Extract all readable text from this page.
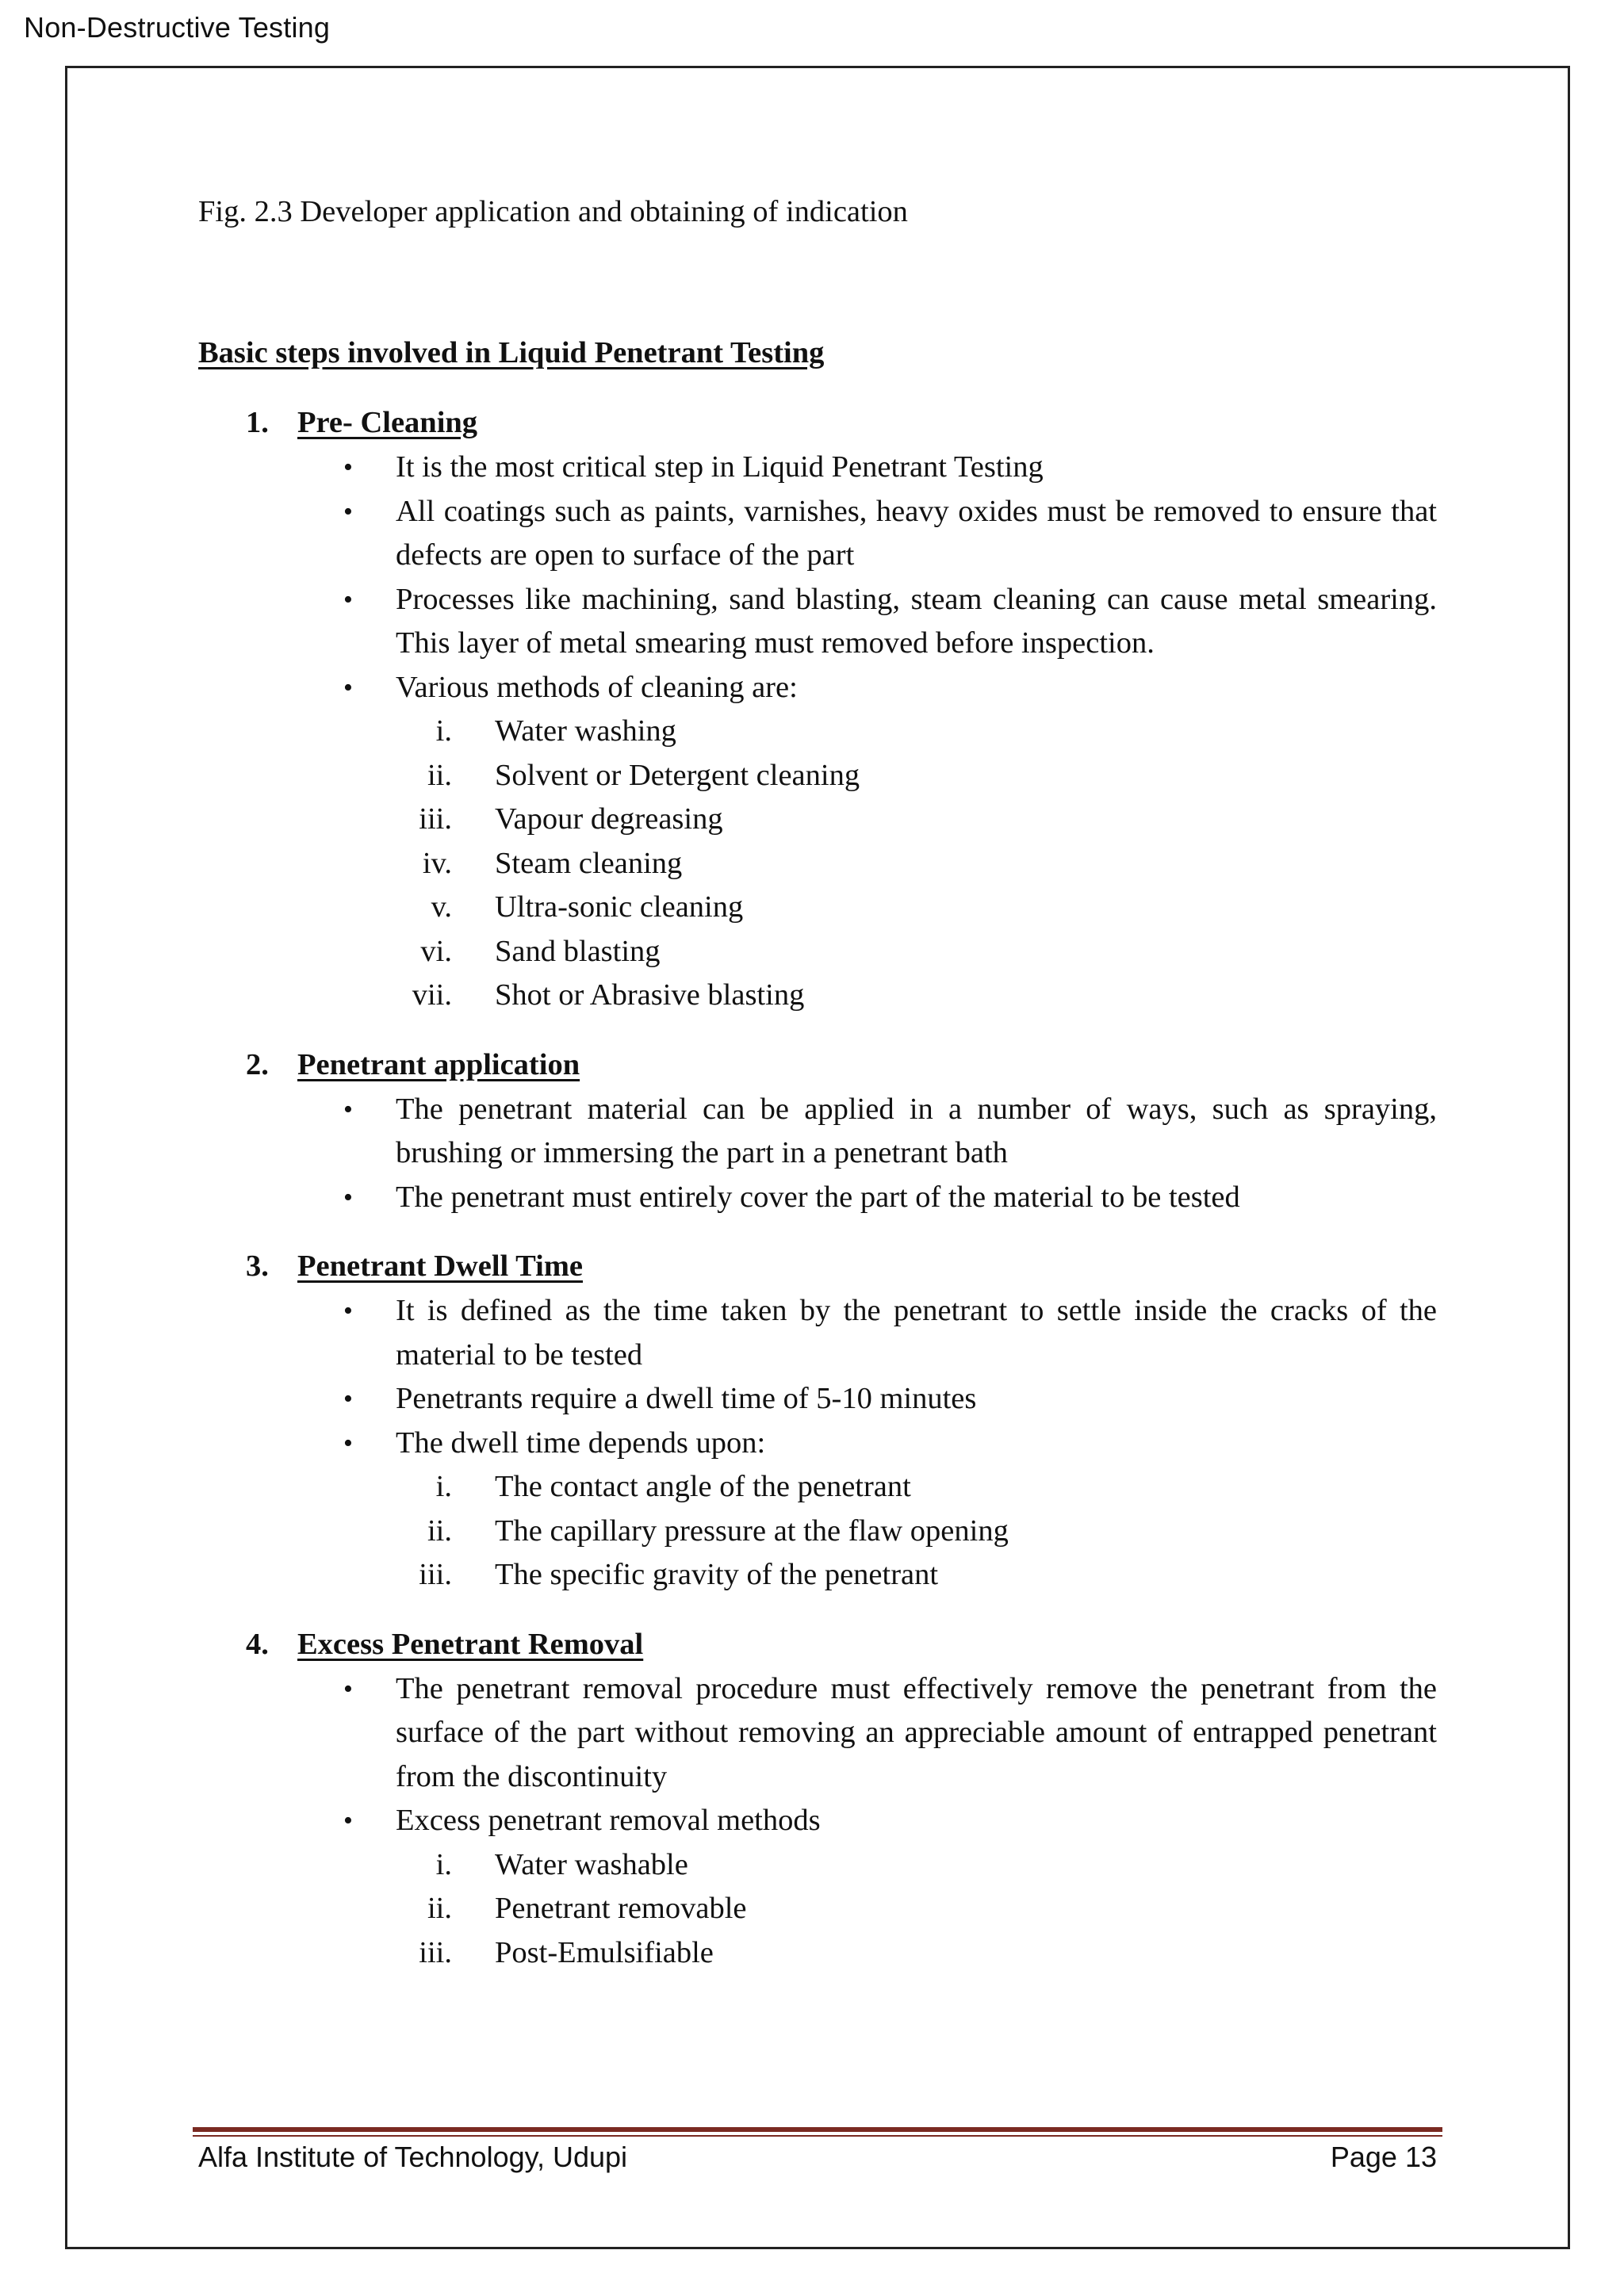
Non-Destructive Testing

Fig. 2.3 Developer application and obtaining of indication

Basic steps involved in Liquid Penetrant Testing
1. Pre- Cleaning
• It is the most critical step in Liquid Penetrant Testing
• All coatings such as paints, varnishes, heavy oxides must be removed to ensure that defects are open to surface of the part
• Processes like machining, sand blasting, steam cleaning can cause metal smearing. This layer of metal smearing must removed before inspection.
• Various methods of cleaning are:
i. Water washing
ii. Solvent or Detergent cleaning
iii. Vapour degreasing
iv. Steam cleaning
v. Ultra-sonic cleaning
vi. Sand blasting
vii. Shot or Abrasive blasting
2. Penetrant application
• The penetrant material can be applied in a number of ways, such as spraying, brushing or immersing the part in a penetrant bath
• The penetrant must entirely cover the part of the material to be tested
3. Penetrant Dwell Time
• It is defined as the time taken by the penetrant to settle inside the cracks of the material to be tested
• Penetrants require a dwell time of 5-10 minutes
• The dwell time depends upon:
i. The contact angle of the penetrant
ii. The capillary pressure at the flaw opening
iii. The specific gravity of the penetrant
4. Excess Penetrant Removal
• The penetrant removal procedure must effectively remove the penetrant from the surface of the part without removing an appreciable amount of entrapped penetrant from the discontinuity
• Excess penetrant removal methods
i. Water washable
ii. Penetrant removable
iii. Post-Emulsifiable
Alfa Institute of Technology, Udupi	Page 13
